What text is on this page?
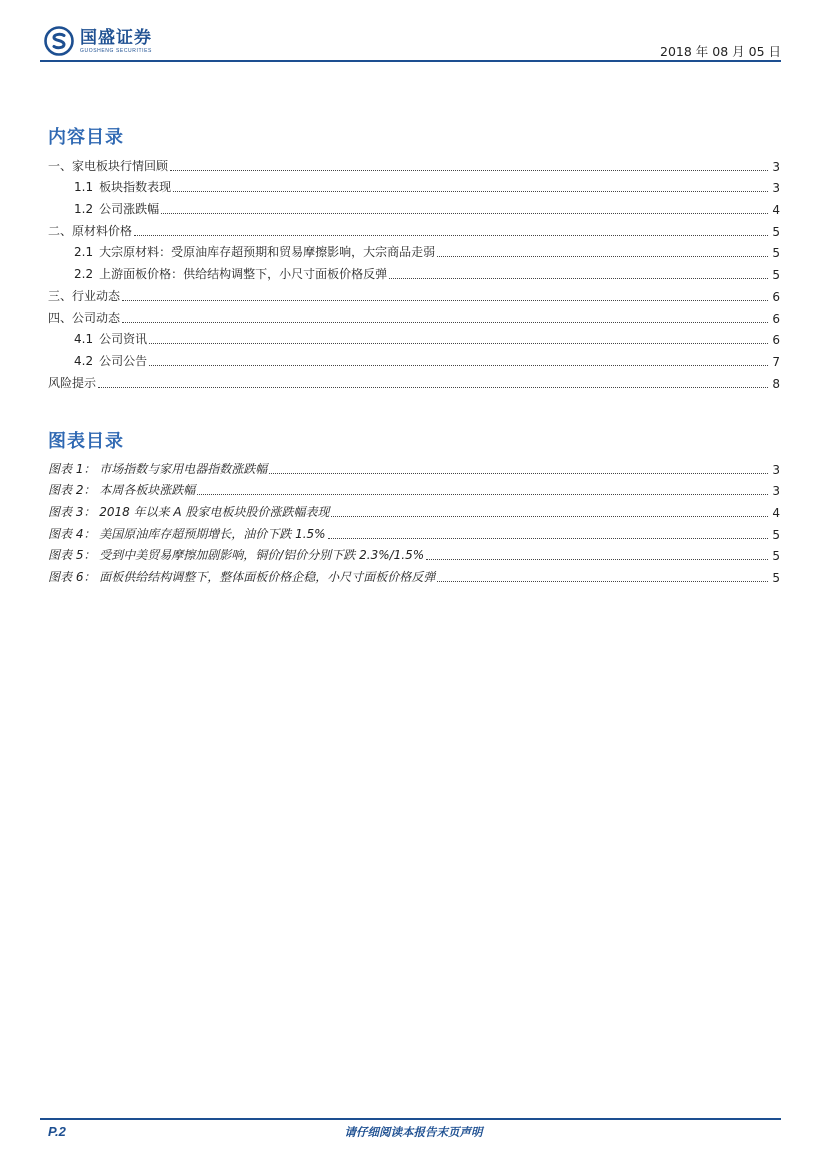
国盛证券
GUOSHENG SECURITIES	2018 年 08 月 05 日
内容目录
一、家电板块行情回顾	3
1.1 板块指数表现	3
1.2 公司涨跌幅	4
二、原材料价格	5
2.1 大宗原材料：受原油库存超预期和贸易摩擦影响，大宗商品走弱	5
2.2 上游面板价格：供给结构调整下，小尺寸面板价格反弹	5
三、行业动态	6
四、公司动态	6
4.1 公司资讯	6
4.2 公司公告	7
风险提示	8
图表目录
图表 1： 市场指数与家用电器指数涨跌幅	3
图表 2： 本周各板块涨跌幅	3
图表 3： 2018 年以来 A 股家电板块股价涨跌幅表现	4
图表 4： 美国原油库存超预期增长，油价下跌 1.5%	5
图表 5： 受到中美贸易摩擦加剧影响，铜价/铝价分别下跌 2.3%/1.5%	5
图表 6： 面板供给结构调整下，整体面板价格企稳，小尺寸面板价格反弹	5
P.2	请仔细阅读本报告末页声明
